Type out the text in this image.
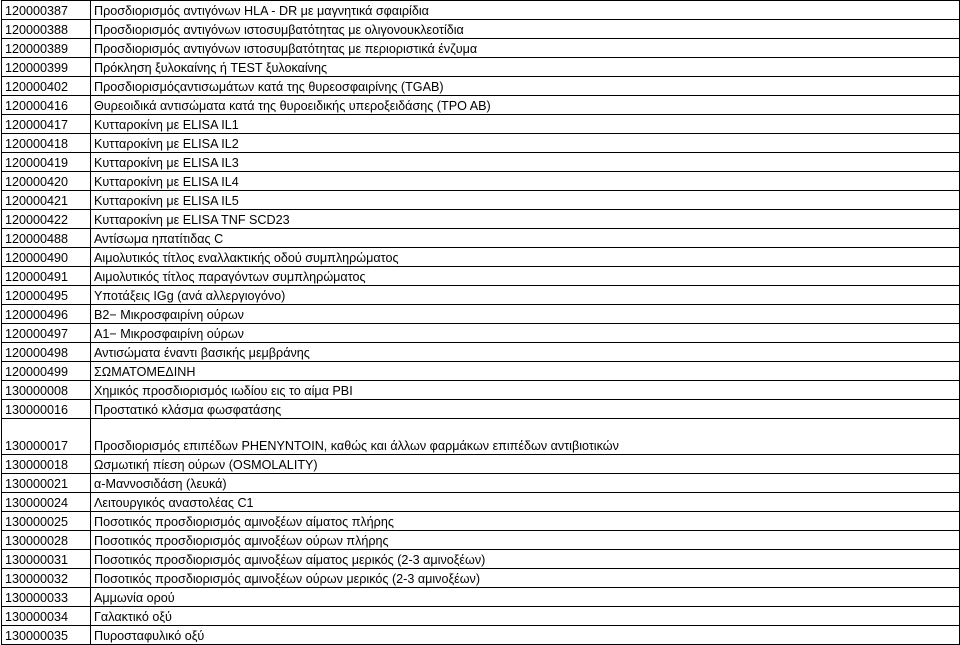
120000387	Προσδιορισμός αντιγόνων HLA - DR με μαγνητικά σφαιρίδια
120000388	Προσδιορισμός αντιγόνων ιστοσυμβατότητας με ολιγονουκλεοτίδια
120000389	Προσδιορισμός αντιγόνων ιστοσυμβατότητας με περιοριστικά ένζυμα
120000399	Πρόκληση ξυλοκαίνης ή TEST ξυλοκαίνης
120000402	Προσδιορισμόςαντισωμάτων κατά της θυρεοσφαιρίνης (TGAB)
120000416	Θυρεοιδικά αντισώματα κατά της θυροειδικής υπεροξειδάσης (ΤΡΟ ΑΒ)
120000417	Κυτταροκίνη με ELISA IL1
120000418	Κυτταροκίνη με ELISA IL2
120000419	Κυτταροκίνη με ELISA IL3
120000420	Κυτταροκίνη με ELISA IL4
120000421	Κυτταροκίνη με ELISA IL5
120000422	Κυτταροκίνη με ELISA TNF SCD23
120000488	Αντίσωμα ηπατίτιδας C
120000490	Αιμολυτικός τίτλος εναλλακτικής οδού συμπληρώματος
120000491	Αιμολυτικός τίτλος παραγόντων συμπληρώματος
120000495	Υποτάξεις IGg (ανά αλλεργιογόνο)
120000496	B2− Μικροσφαιρίνη ούρων
120000497	A1− Μικροσφαιρίνη ούρων
120000498	Αντισώματα έναντι βασικής μεμβράνης
120000499	ΣΩΜΑΤΟΜΕΔΙΝΗ
130000008	Χημικός προσδιορισμός ιωδίου εις το αίμα PBI
130000016	Προστατικό κλάσμα φωσφατάσης
130000017	Προσδιορισμός επιπέδων PHENYNTOIN, καθώς και άλλων φαρμάκων επιπέδων αντιβιοτικών
130000018	Ωσμωτική πίεση ούρων (OSMOLALITY)
130000021	α-Μαννοσιδάση (λευκά)
130000024	Λειτουργικός αναστολέας C1
130000025	Ποσοτικός προσδιορισμός αμινοξέων αίματος πλήρης
130000028	Ποσοτικός προσδιορισμός αμινοξέων ούρων πλήρης
130000031	Ποσοτικός προσδιορισμός αμινοξέων αίματος μερικός (2-3 αμινοξέων)
130000032	Ποσοτικός προσδιορισμός αμινοξέων ούρων μερικός (2-3 αμινοξέων)
130000033	Αμμωνία ορού
130000034	Γαλακτικό οξύ
130000035	Πυροσταφυλικό οξύ
